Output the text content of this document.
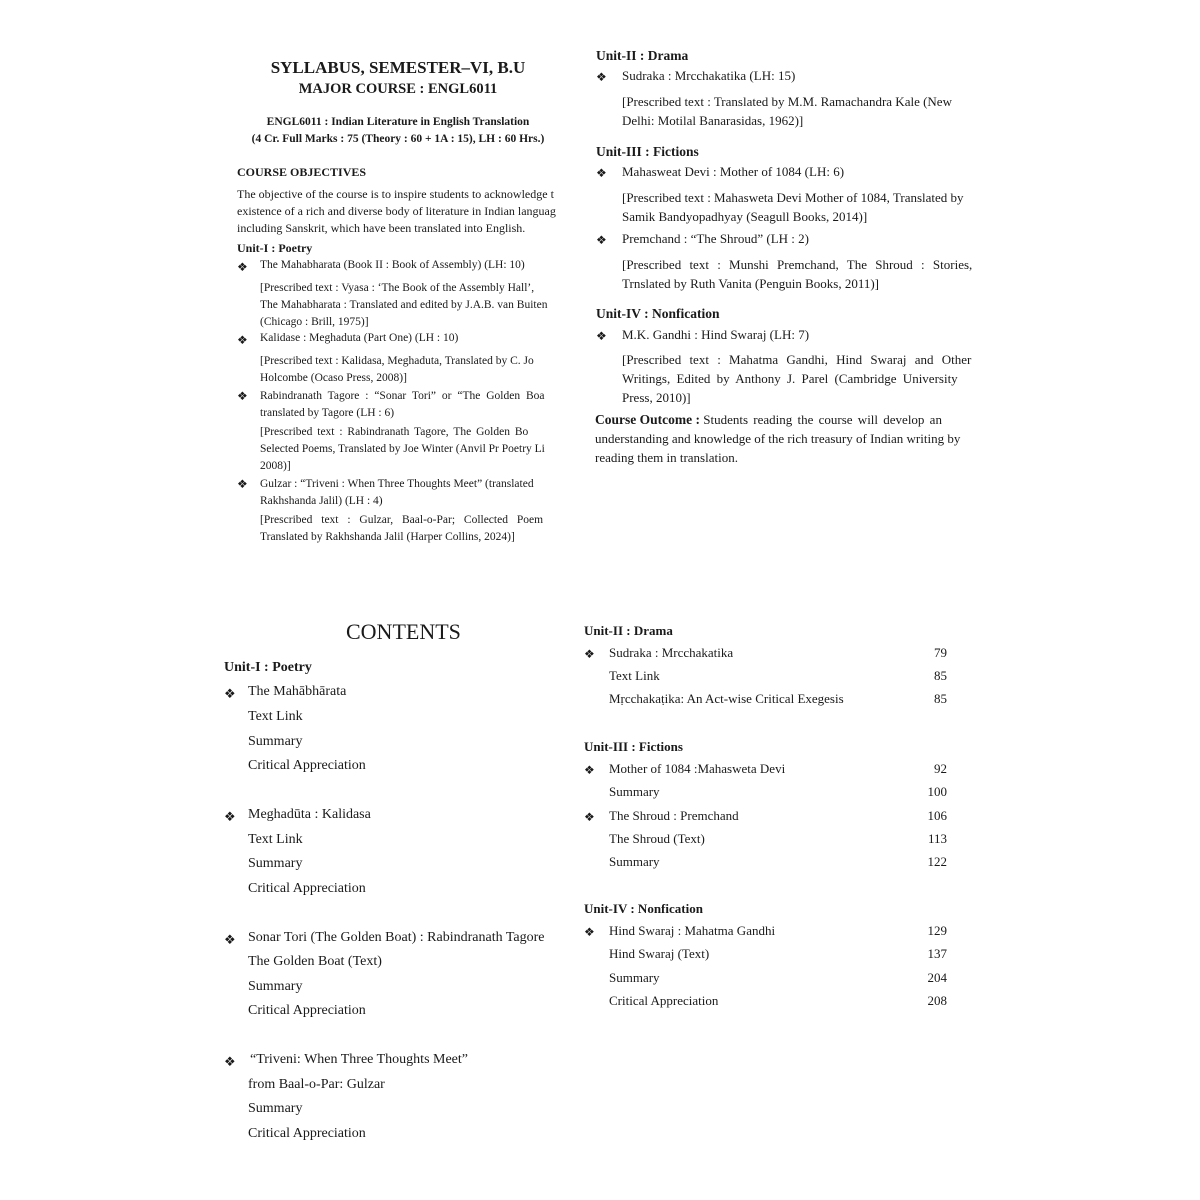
SYLLABUS, SEMESTER–VI, B.U
MAJOR COURSE : ENGL6011
ENGL6011 : Indian Literature in English Translation
(4 Cr. Full Marks : 75 (Theory : 60 + 1A : 15), LH : 60 Hrs.)
COURSE OBJECTIVES
The objective of the course is to inspire students to acknowledge t
existence of a rich and diverse body of literature in Indian languag
including Sanskrit, which have been translated into English.
Unit-I : Poetry
❖ The Mahabharata (Book II : Book of Assembly) (LH: 10)
[Prescribed text : Vyasa : ‘The Book of the Assembly Hall’,
The Mahabharata : Translated and edited by J.A.B. van Buiten
(Chicago : Brill, 1975)]
❖ Kalidase : Meghaduta (Part One) (LH : 10)
[Prescribed text : Kalidasa, Meghaduta, Translated by C. Jo
Holcombe (Ocaso Press, 2008)]
❖ Rabindranath Tagore : “Sonar Tori” or “The Golden Boa
translated by Tagore (LH : 6)
[Prescribed text : Rabindranath Tagore, The Golden Bo
Selected Poems, Translated by Joe Winter (Anvil Pr Poetry Li
2008)]
❖ Gulzar : “Triveni : When Three Thoughts Meet” (translated
Rakhshanda Jalil) (LH : 4)
[Prescribed text : Gulzar, Baal-o-Par; Collected Poem
Translated by Rakhshanda Jalil (Harper Collins, 2024)]
Unit-II : Drama
❖ Sudraka : Mrcchakatika (LH: 15)
[Prescribed text : Translated by M.M. Ramachandra Kale (New
Delhi: Motilal Banarasidas, 1962)]
Unit-III : Fictions
❖ Mahasweat Devi : Mother of 1084 (LH: 6)
[Prescribed text : Mahasweta Devi Mother of 1084, Translated by
Samik Bandyopadhyay (Seagull Books, 2014)]
❖ Premchand : “The Shroud” (LH : 2)
[Prescribed text : Munshi Premchand, The Shroud : Stories,
Trnslated by Ruth Vanita (Penguin Books, 2011)]
Unit-IV : Nonfication
❖ M.K. Gandhi : Hind Swaraj (LH: 7)
[Prescribed text : Mahatma Gandhi, Hind Swaraj and Other
Writings, Edited by Anthony J. Parel (Cambridge University
Press, 2010)]
Course Outcome : Students reading the course will develop an
understanding and knowledge of the rich treasury of Indian writing by
reading them in translation.
CONTENTS
Unit-I : Poetry
❖ The Mahābhārata
Text Link
Summary
Critical Appreciation
❖ Meghadūta : Kalidasa
Text Link
Summary
Critical Appreciation
❖ Sonar Tori (The Golden Boat) : Rabindranath Tagore
The Golden Boat (Text)
Summary
Critical Appreciation
❖ “Triveni: When Three Thoughts Meet”
from Baal-o-Par: Gulzar
Summary
Critical Appreciation
Unit-II : Drama
❖ Sudraka : Mrcchakatika	79
Text Link	85
Mṛcchakaṭika: An Act-wise Critical Exegesis	85
Unit-III : Fictions
❖ Mother of 1084 :Mahasweta Devi	92
Summary	100
❖ The Shroud : Premchand	106
The Shroud (Text)	113
Summary	122
Unit-IV : Nonfication
❖ Hind Swaraj : Mahatma Gandhi	129
Hind Swaraj (Text)	137
Summary	204
Critical Appreciation	208
